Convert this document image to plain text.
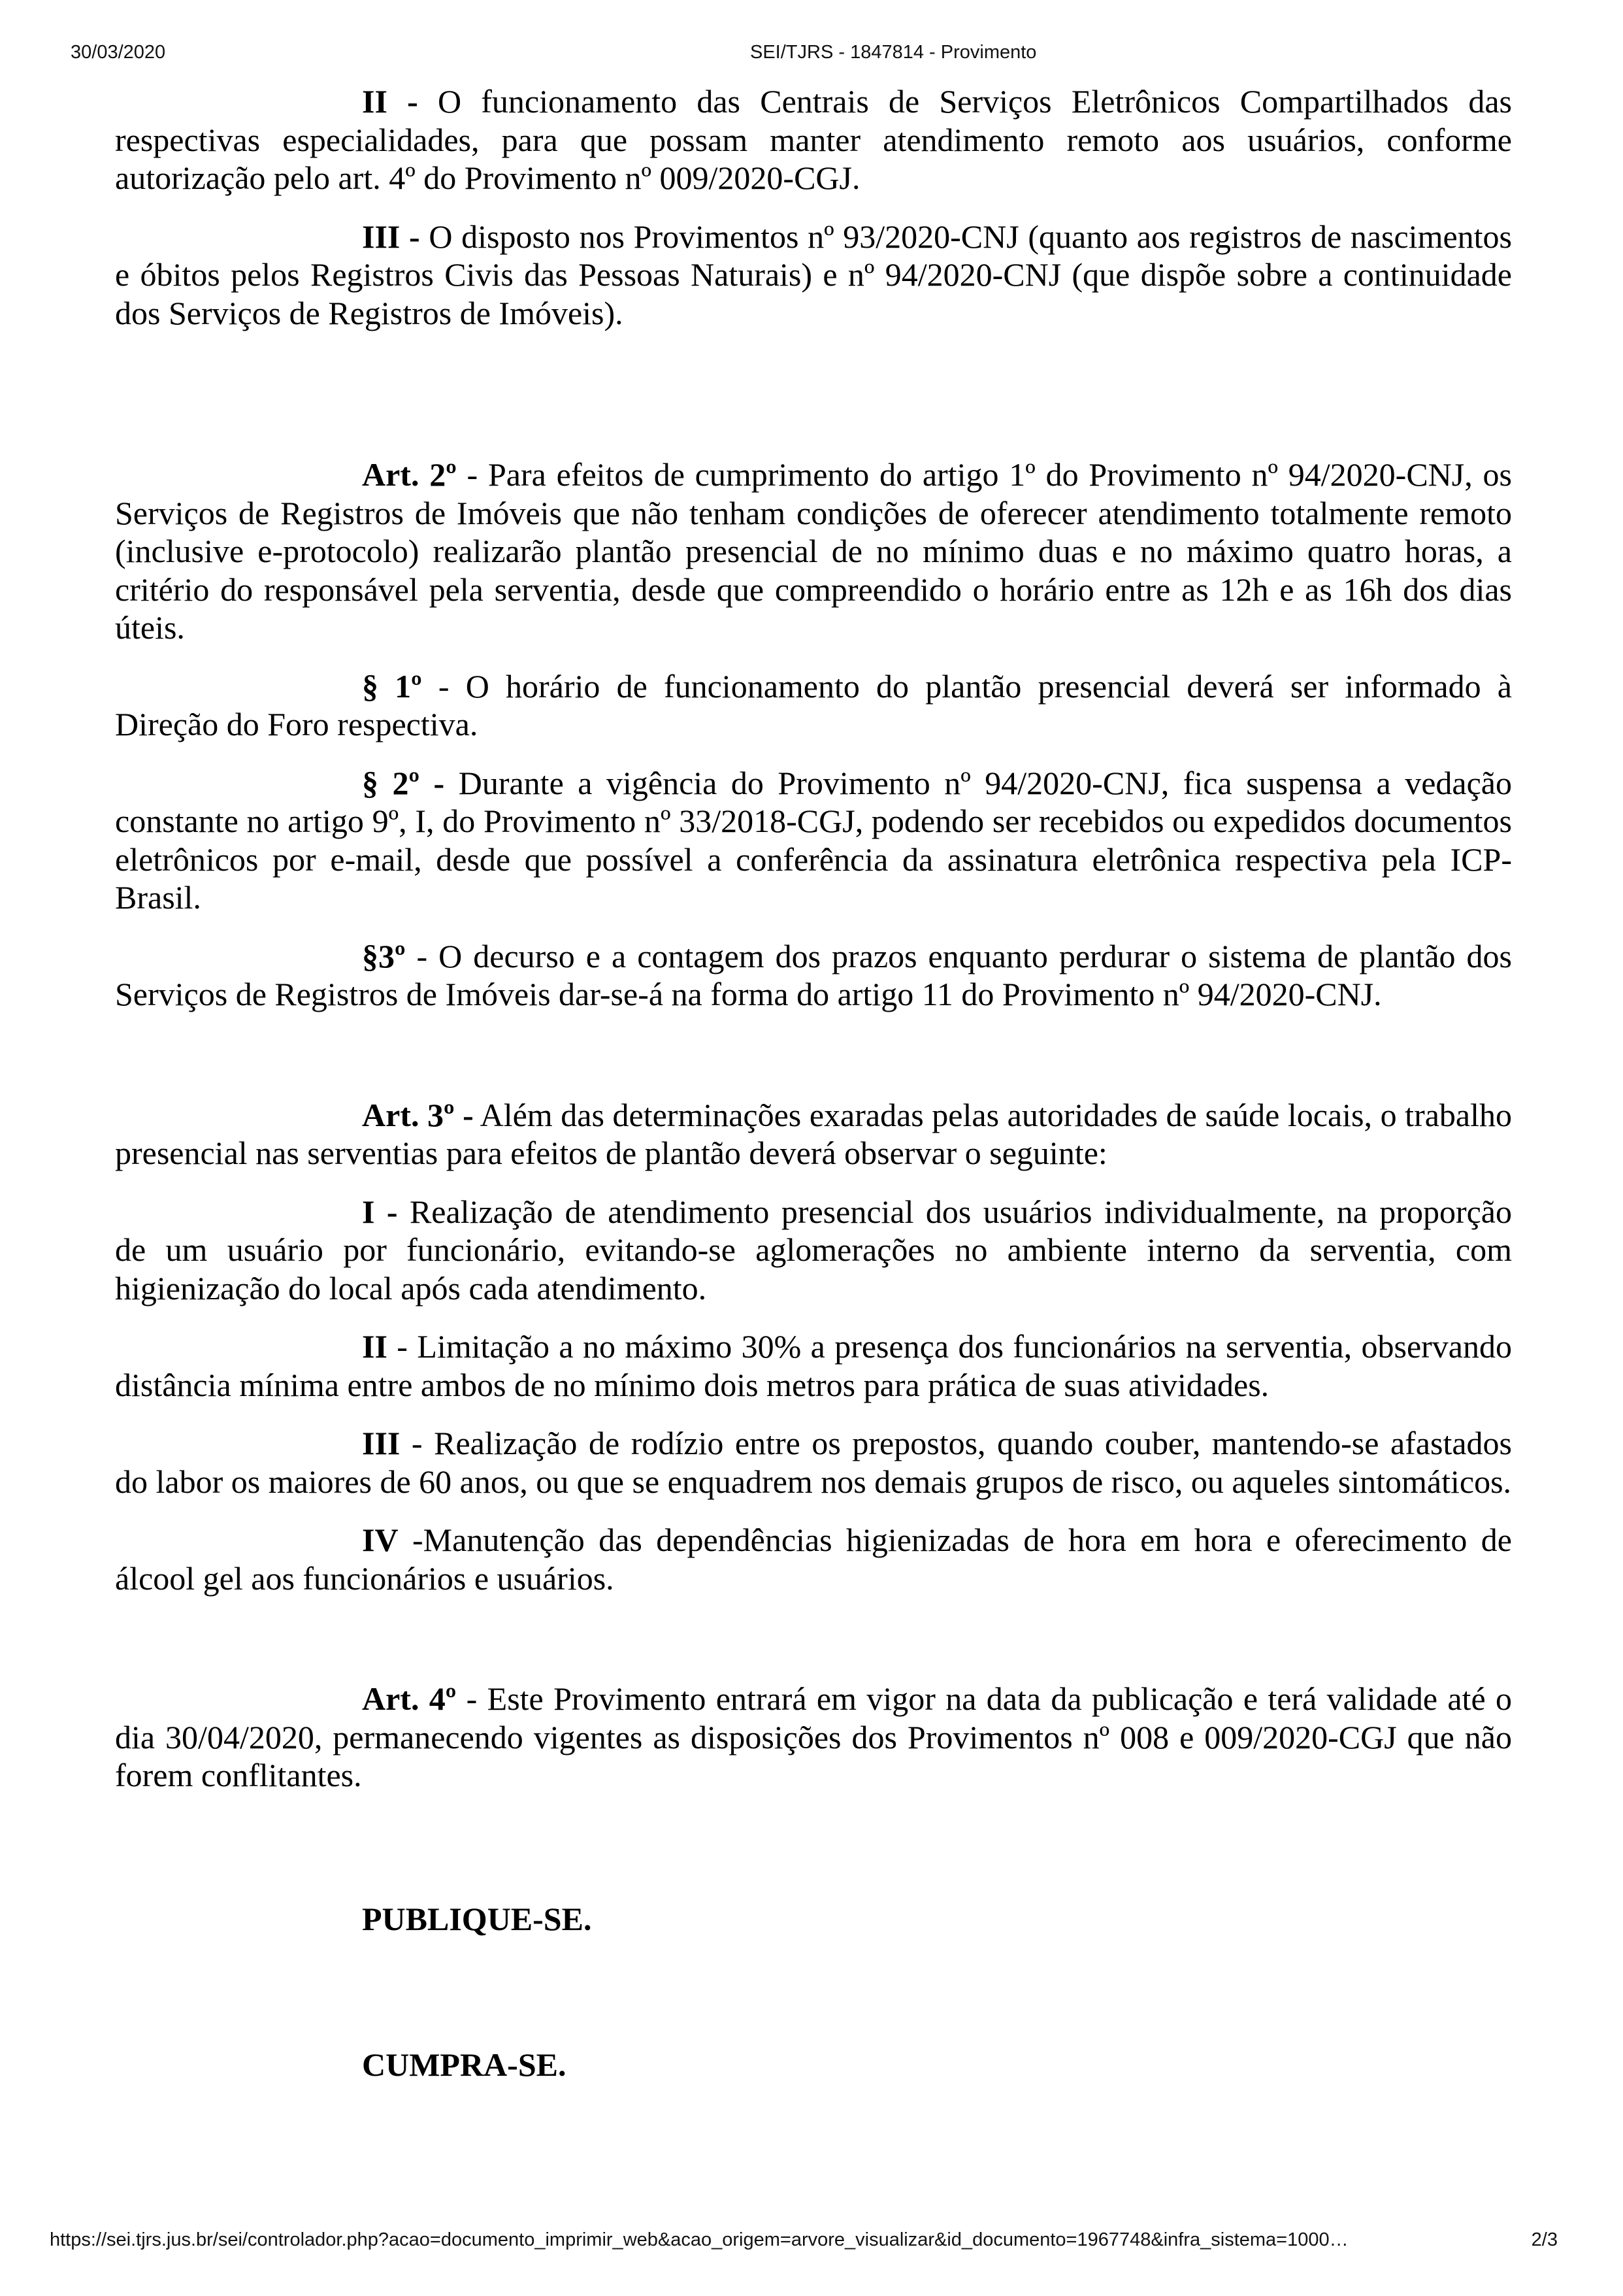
30/03/2020	SEI/TJRS - 1847814 - Provimento

II - O funcionamento das Centrais de Serviços Eletrônicos Compartilhados das respectivas especialidades, para que possam manter atendimento remoto aos usuários, conforme autorização pelo art. 4º do Provimento nº 009/2020-CGJ.

III - O disposto nos Provimentos nº 93/2020-CNJ (quanto aos registros de nascimentos e óbitos pelos Registros Civis das Pessoas Naturais) e nº 94/2020-CNJ (que dispõe sobre a continuidade dos Serviços de Registros de Imóveis).

Art. 2º - Para efeitos de cumprimento do artigo 1º do Provimento nº 94/2020-CNJ, os Serviços de Registros de Imóveis que não tenham condições de oferecer atendimento totalmente remoto (inclusive e-protocolo) realizarão plantão presencial de no mínimo duas e no máximo quatro horas, a critério do responsável pela serventia, desde que compreendido o horário entre as 12h e as 16h dos dias úteis.

§ 1º - O horário de funcionamento do plantão presencial deverá ser informado à Direção do Foro respectiva.

§ 2º - Durante a vigência do Provimento nº 94/2020-CNJ, fica suspensa a vedação constante no artigo 9º, I, do Provimento nº 33/2018-CGJ, podendo ser recebidos ou expedidos documentos eletrônicos por e-mail, desde que possível a conferência da assinatura eletrônica respectiva pela ICP-Brasil.

§3º - O decurso e a contagem dos prazos enquanto perdurar o sistema de plantão dos Serviços de Registros de Imóveis dar-se-á na forma do artigo 11 do Provimento nº 94/2020-CNJ.

Art. 3º - Além das determinações exaradas pelas autoridades de saúde locais, o trabalho presencial nas serventias para efeitos de plantão deverá observar o seguinte:

I - Realização de atendimento presencial dos usuários individualmente, na proporção de um usuário por funcionário, evitando-se aglomerações no ambiente interno da serventia, com higienização do local após cada atendimento.

II - Limitação a no máximo 30% a presença dos funcionários na serventia, observando distância mínima entre ambos de no mínimo dois metros para prática de suas atividades.

III - Realização de rodízio entre os prepostos, quando couber, mantendo-se afastados do labor os maiores de 60 anos, ou que se enquadrem nos demais grupos de risco, ou aqueles sintomáticos.

IV -Manutenção das dependências higienizadas de hora em hora e oferecimento de álcool gel aos funcionários e usuários.

Art. 4º - Este Provimento entrará em vigor na data da publicação e terá validade até o dia 30/04/2020, permanecendo vigentes as disposições dos Provimentos nº 008 e 009/2020-CGJ que não forem conflitantes.

PUBLIQUE-SE.

CUMPRA-SE.

https://sei.tjrs.jus.br/sei/controlador.php?acao=documento_imprimir_web&acao_origem=arvore_visualizar&id_documento=1967748&infra_sistema=1000…	2/3
